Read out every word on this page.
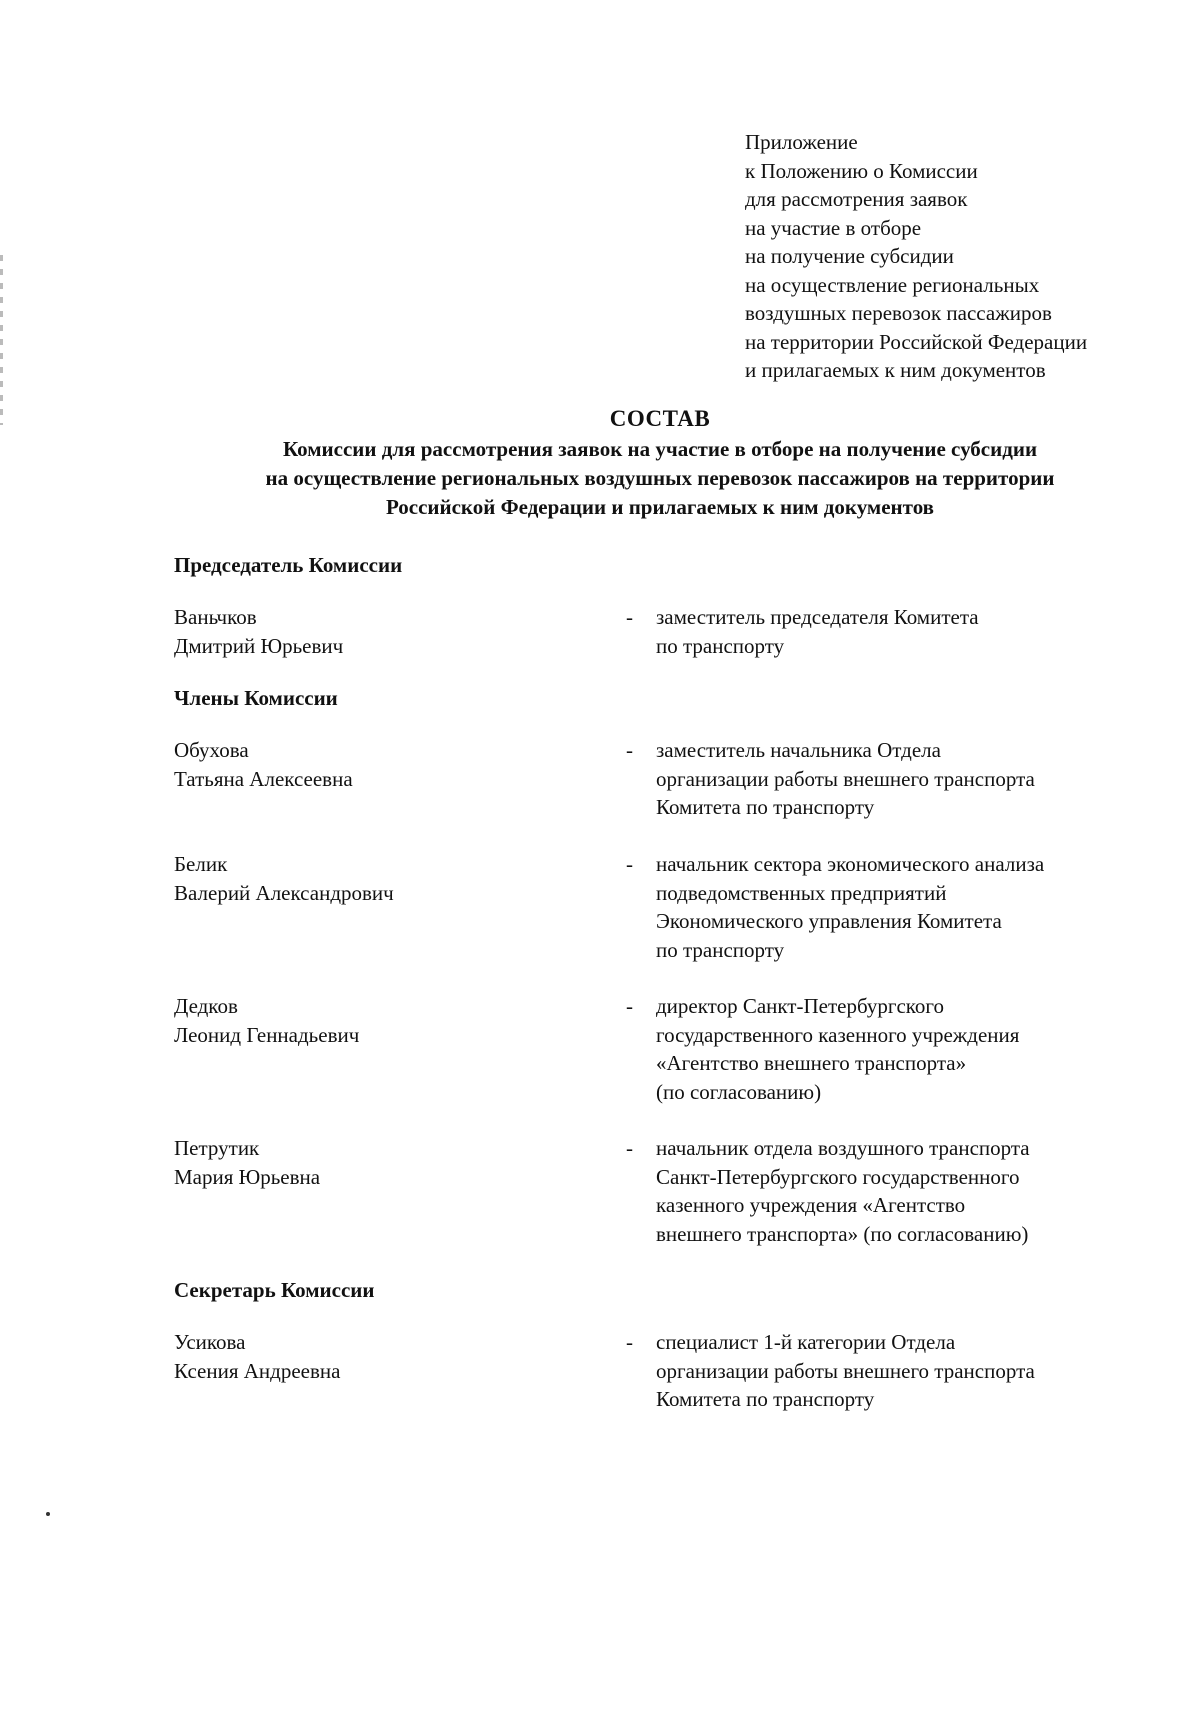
Приложение
к Положению о Комиссии
для рассмотрения заявок
на участие в отборе
на получение субсидии
на осуществление региональных
воздушных перевозок пассажиров
на территории Российской Федерации
и прилагаемых к ним документов
СОСТАВ
Комиссии для рассмотрения заявок на участие в отборе на получение субсидии
на осуществление региональных воздушных перевозок пассажиров на территории
Российской Федерации и прилагаемых к ним документов
Председатель Комиссии
Ваньчков
Дмитрий Юрьевич
- заместитель председателя Комитета
по транспорту
Члены Комиссии
Обухова
Татьяна Алексеевна
- заместитель начальника Отдела
организации работы внешнего транспорта
Комитета по транспорту
Белик
Валерий Александрович
- начальник сектора экономического анализа
подведомственных предприятий
Экономического управления Комитета
по транспорту
Дедков
Леонид Геннадьевич
- директор Санкт-Петербургского
государственного казенного учреждения
«Агентство внешнего транспорта»
(по согласованию)
Петрутик
Мария Юрьевна
- начальник отдела воздушного транспорта
Санкт-Петербургского государственного
казенного учреждения «Агентство
внешнего транспорта» (по согласованию)
Секретарь Комиссии
Усикова
Ксения Андреевна
- специалист 1-й категории Отдела
организации работы внешнего транспорта
Комитета по транспорту
